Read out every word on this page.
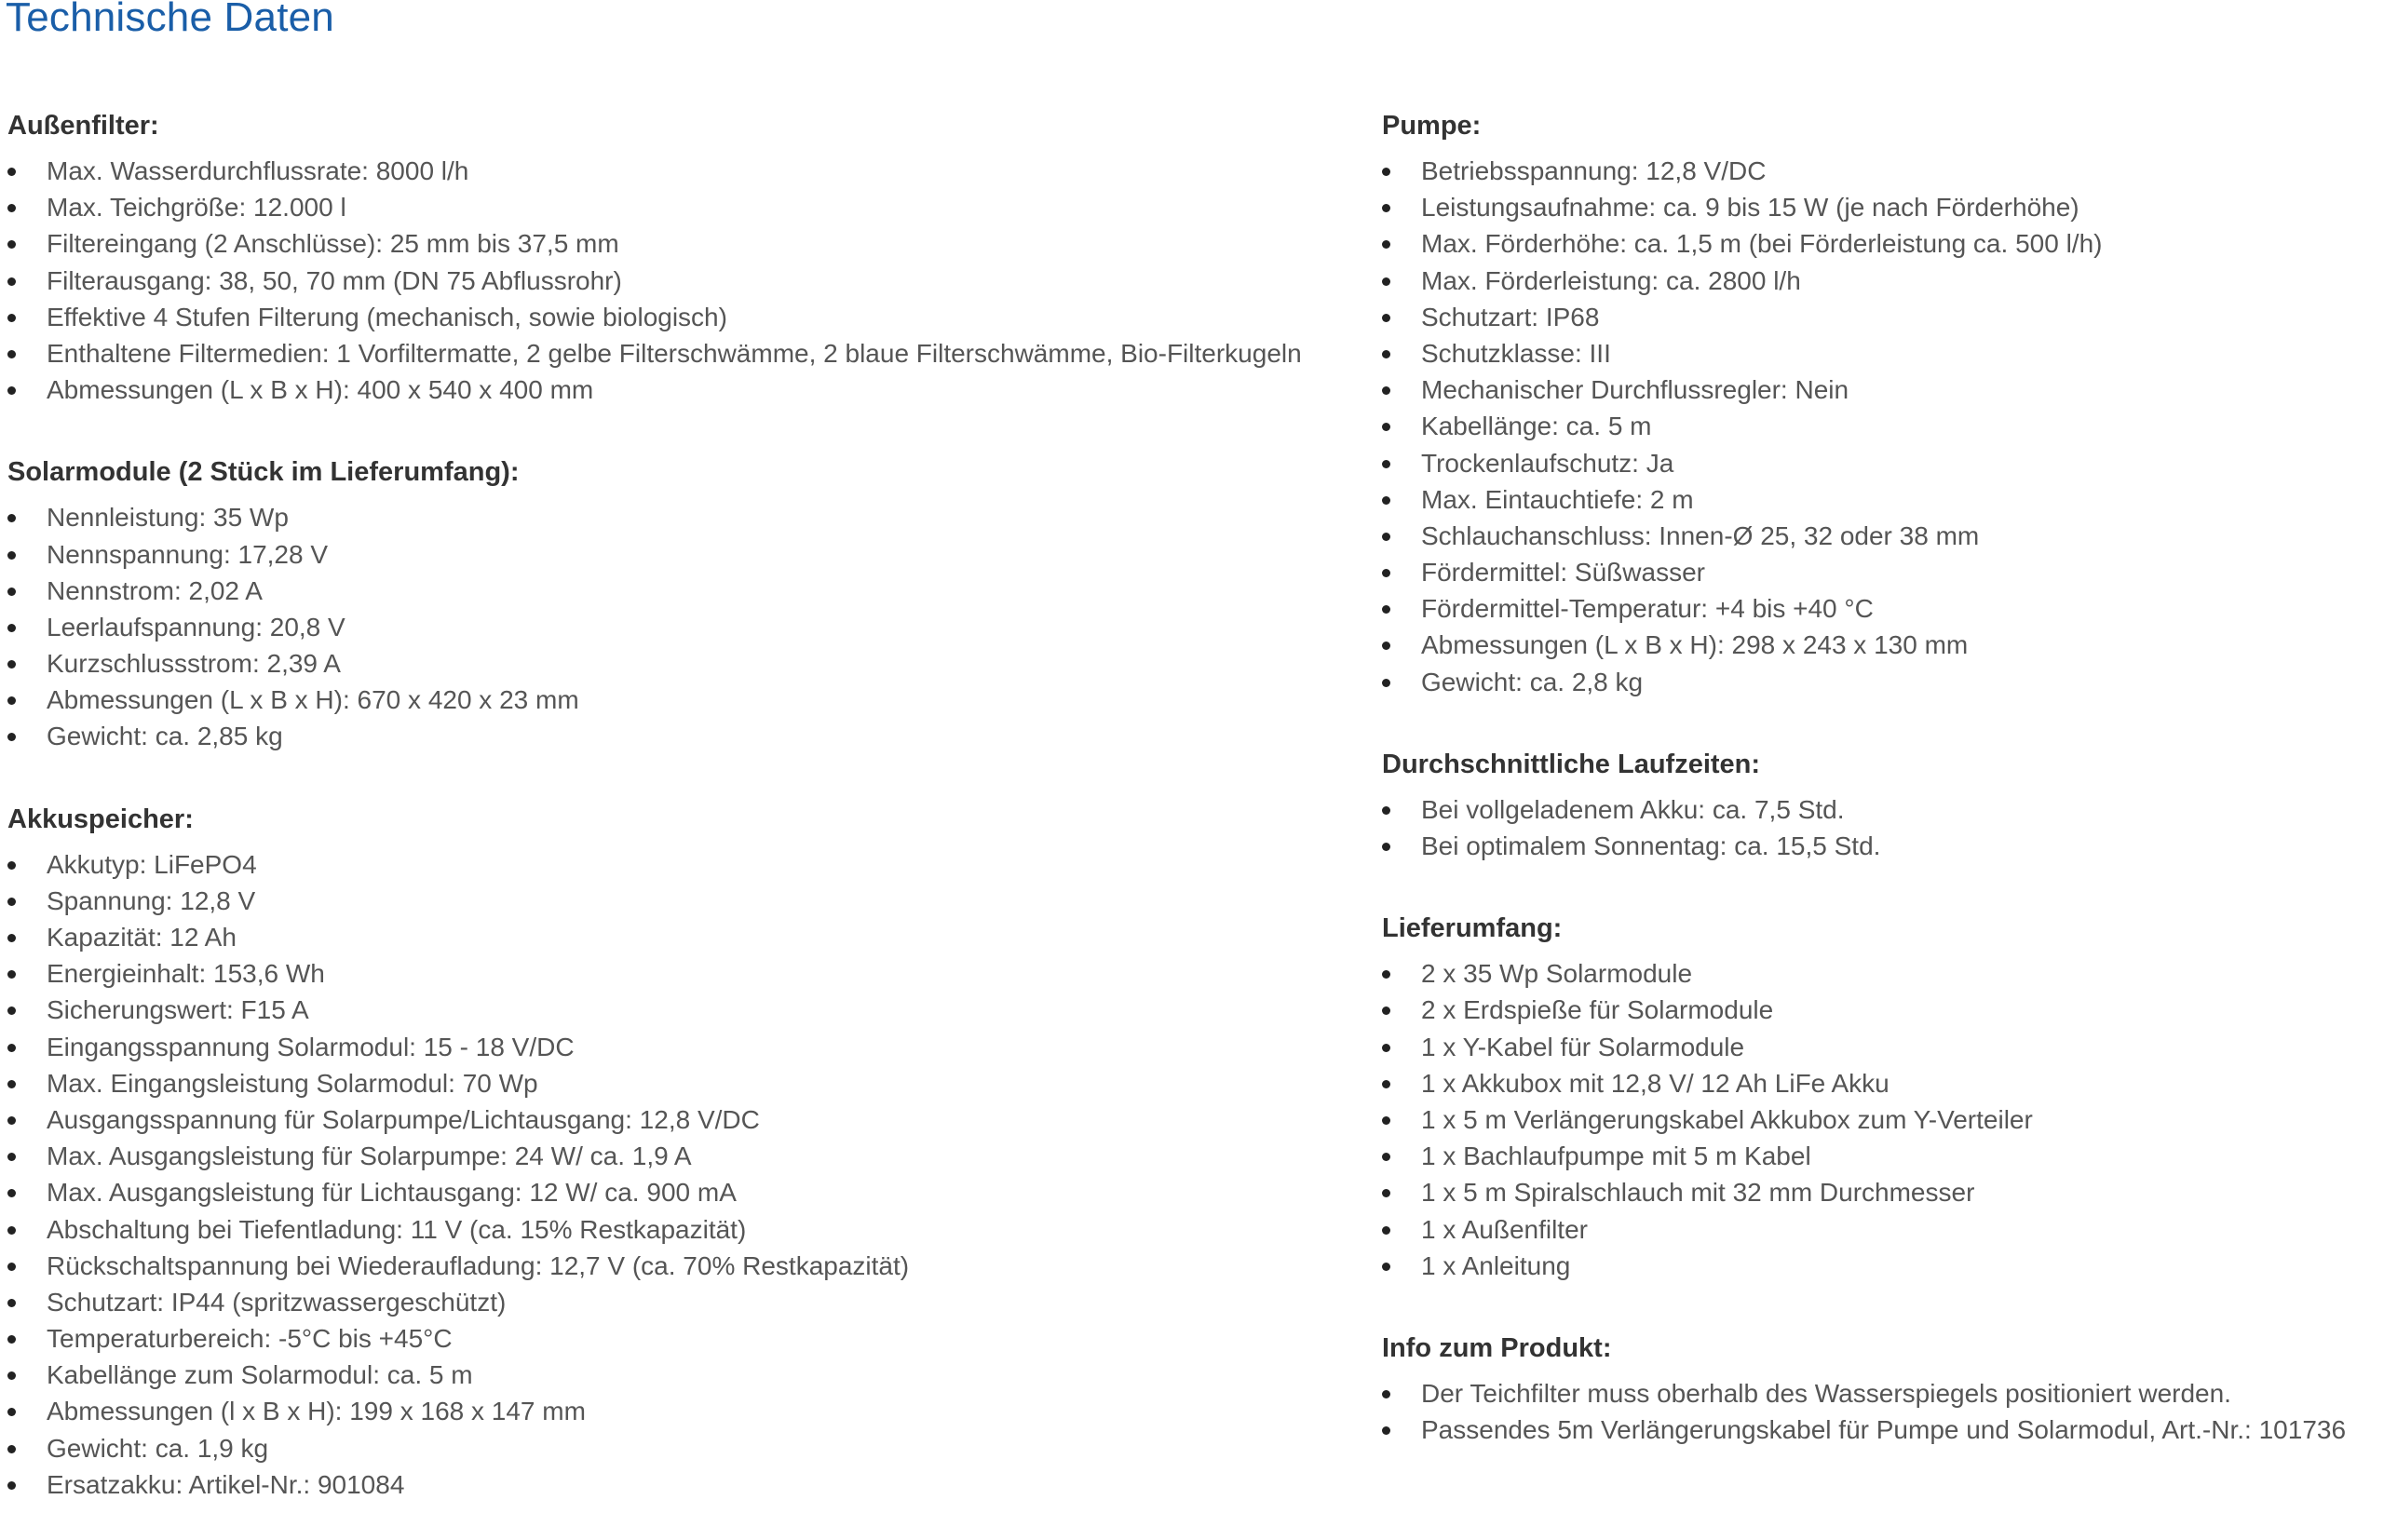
Technische Daten
Außenfilter:
Max. Wasserdurchflussrate: 8000 l/h
Max. Teichgröße: 12.000 l
Filtereingang (2 Anschlüsse): 25 mm bis 37,5 mm
Filterausgang: 38, 50, 70 mm (DN 75 Abflussrohr)
Effektive 4 Stufen Filterung (mechanisch, sowie biologisch)
Enthaltene Filtermedien: 1 Vorfiltermatte, 2 gelbe Filterschwämme, 2 blaue Filterschwämme, Bio-Filterkugeln
Abmessungen (L x B x H): 400 x 540 x 400 mm
Solarmodule (2 Stück im Lieferumfang):
Nennleistung: 35 Wp
Nennspannung: 17,28 V
Nennstrom: 2,02 A
Leerlaufspannung: 20,8 V
Kurzschlussstrom: 2,39 A
Abmessungen (L x B x H): 670 x 420 x 23 mm
Gewicht: ca. 2,85 kg
Akkuspeicher:
Akkutyp: LiFePO4
Spannung: 12,8 V
Kapazität: 12 Ah
Energieinhalt: 153,6 Wh
Sicherungswert: F15 A
Eingangsspannung Solarmodul: 15 - 18 V/DC
Max. Eingangsleistung Solarmodul: 70 Wp
Ausgangsspannung für Solarpumpe/Lichtausgang: 12,8 V/DC
Max. Ausgangsleistung für Solarpumpe: 24 W/ ca. 1,9 A
Max. Ausgangsleistung für Lichtausgang: 12 W/ ca. 900 mA
Abschaltung bei Tiefentladung: 11 V (ca. 15% Restkapazität)
Rückschaltspannung bei Wiederaufladung: 12,7 V (ca. 70% Restkapazität)
Schutzart: IP44 (spritzwassergeschützt)
Temperaturbereich: -5°C bis +45°C
Kabellänge zum Solarmodul: ca. 5 m
Abmessungen (l x B x H): 199 x 168 x 147 mm
Gewicht: ca. 1,9 kg
Ersatzakku: Artikel-Nr.: 901084
Pumpe:
Betriebsspannung: 12,8 V/DC
Leistungsaufnahme: ca. 9 bis 15 W (je nach Förderhöhe)
Max. Förderhöhe: ca. 1,5 m (bei Förderleistung ca. 500 l/h)
Max. Förderleistung: ca. 2800 l/h
Schutzart: IP68
Schutzklasse: III
Mechanischer Durchflussregler: Nein
Kabellänge: ca. 5 m
Trockenlaufschutz: Ja
Max. Eintauchtiefe: 2 m
Schlauchanschluss: Innen-Ø 25, 32 oder 38 mm
Fördermittel: Süßwasser
Fördermittel-Temperatur: +4 bis +40 °C
Abmessungen (L x B x H): 298 x 243 x 130 mm
Gewicht: ca. 2,8 kg
Durchschnittliche Laufzeiten:
Bei vollgeladenem Akku: ca. 7,5 Std.
Bei optimalem Sonnentag: ca. 15,5 Std.
Lieferumfang:
2 x 35 Wp Solarmodule
2 x Erdspieße für Solarmodule
1 x Y-Kabel für Solarmodule
1 x Akkubox mit 12,8 V/ 12 Ah LiFe Akku
1 x 5 m Verlängerungskabel Akkubox zum Y-Verteiler
1 x Bachlaufpumpe mit 5 m Kabel
1 x 5 m Spiralschlauch mit 32 mm Durchmesser
1 x Außenfilter
1 x Anleitung
Info zum Produkt:
Der Teichfilter muss oberhalb des Wasserspiegels positioniert werden.
Passendes 5m Verlängerungskabel für Pumpe und Solarmodul, Art.-Nr.: 101736
